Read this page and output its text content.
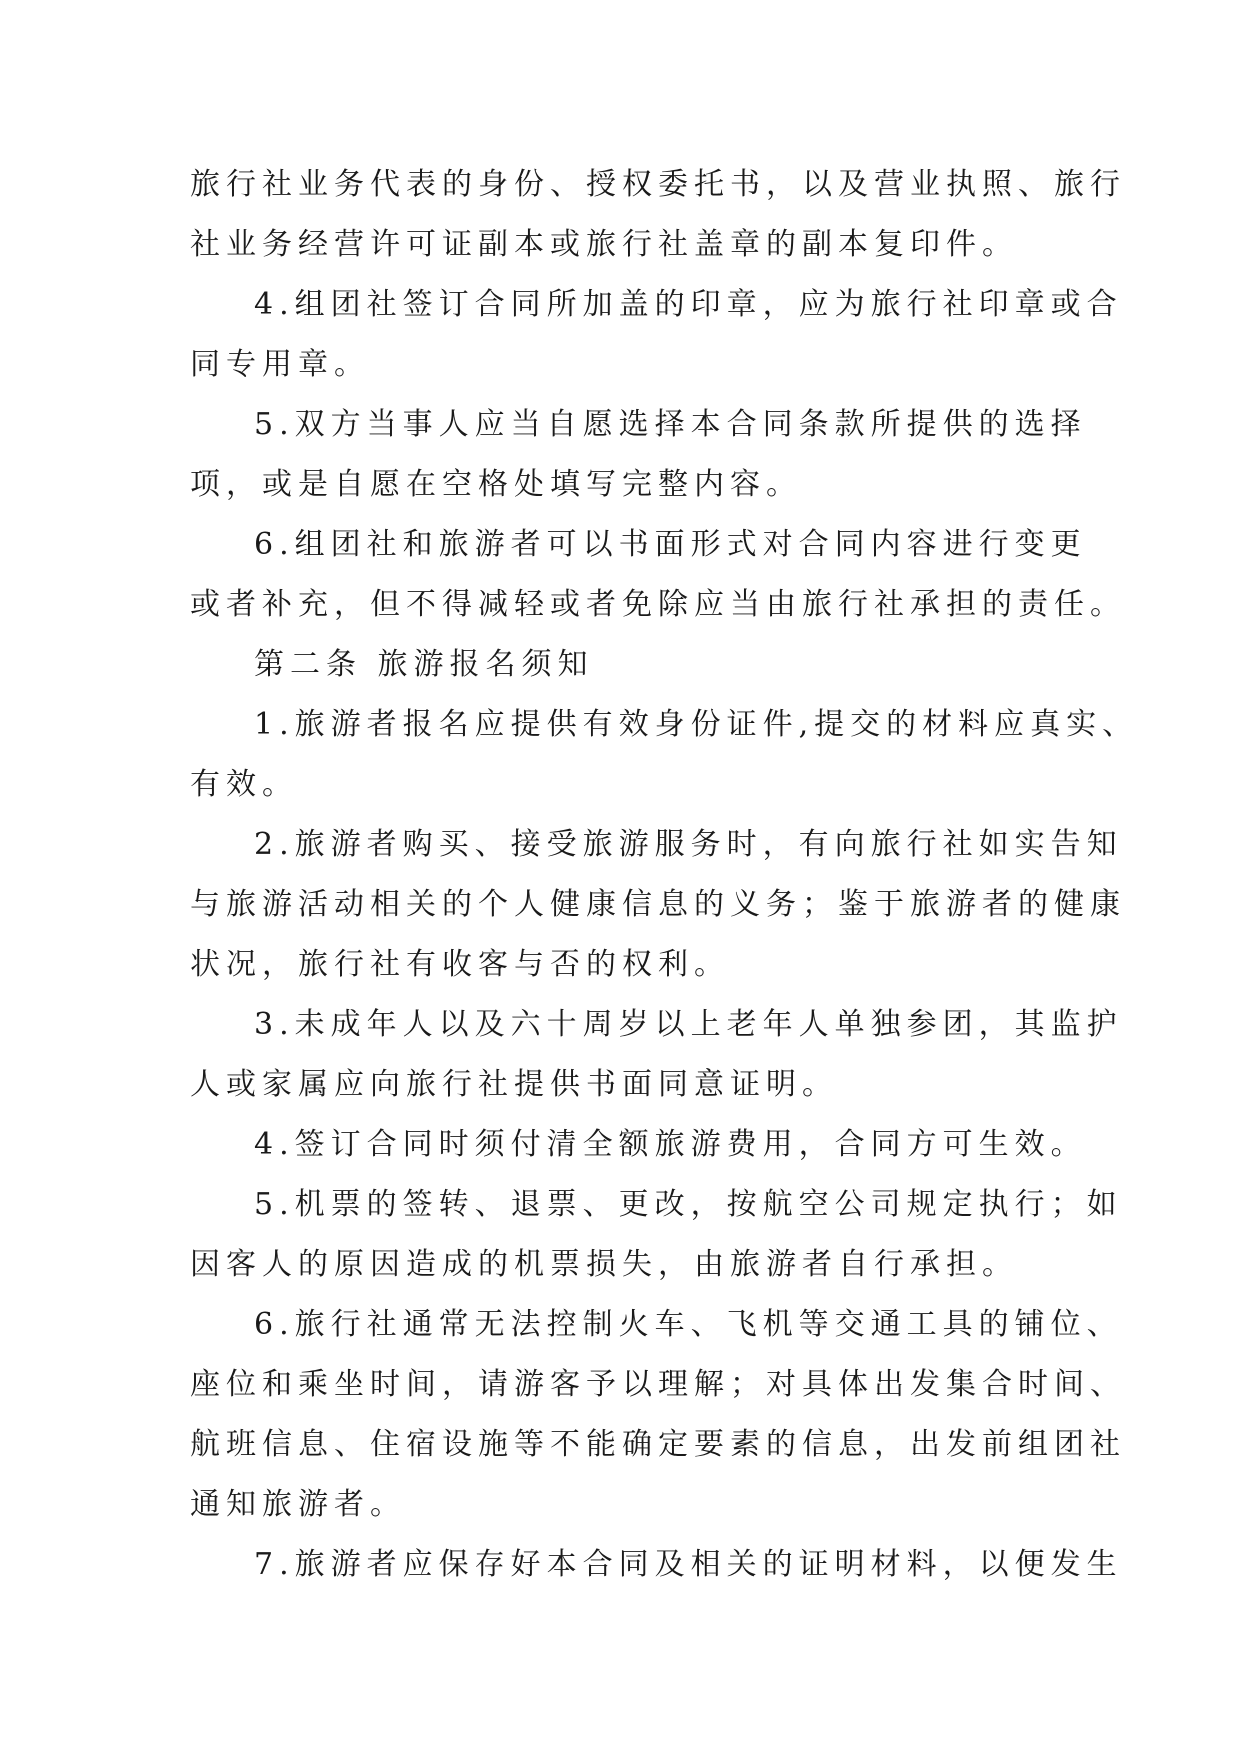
旅行社业务代表的身份、授权委托书，以及营业执照、旅行
社业务经营许可证副本或旅行社盖章的副本复印件。
4.组团社签订合同所加盖的印章，应为旅行社印章或合
同专用章。
5.双方当事人应当自愿选择本合同条款所提供的选择
项，或是自愿在空格处填写完整内容。
6.组团社和旅游者可以书面形式对合同内容进行变更
或者补充，但不得减轻或者免除应当由旅行社承担的责任。
第二条 旅游报名须知
1.旅游者报名应提供有效身份证件,提交的材料应真实、
有效。
2.旅游者购买、接受旅游服务时，有向旅行社如实告知
与旅游活动相关的个人健康信息的义务；鉴于旅游者的健康
状况，旅行社有收客与否的权利。
3.未成年人以及六十周岁以上老年人单独参团，其监护
人或家属应向旅行社提供书面同意证明。
4.签订合同时须付清全额旅游费用，合同方可生效。
5.机票的签转、退票、更改，按航空公司规定执行；如
因客人的原因造成的机票损失，由旅游者自行承担。
6.旅行社通常无法控制火车、飞机等交通工具的铺位、
座位和乘坐时间，请游客予以理解；对具体出发集合时间、
航班信息、住宿设施等不能确定要素的信息，出发前组团社
通知旅游者。
7.旅游者应保存好本合同及相关的证明材料，以便发生
